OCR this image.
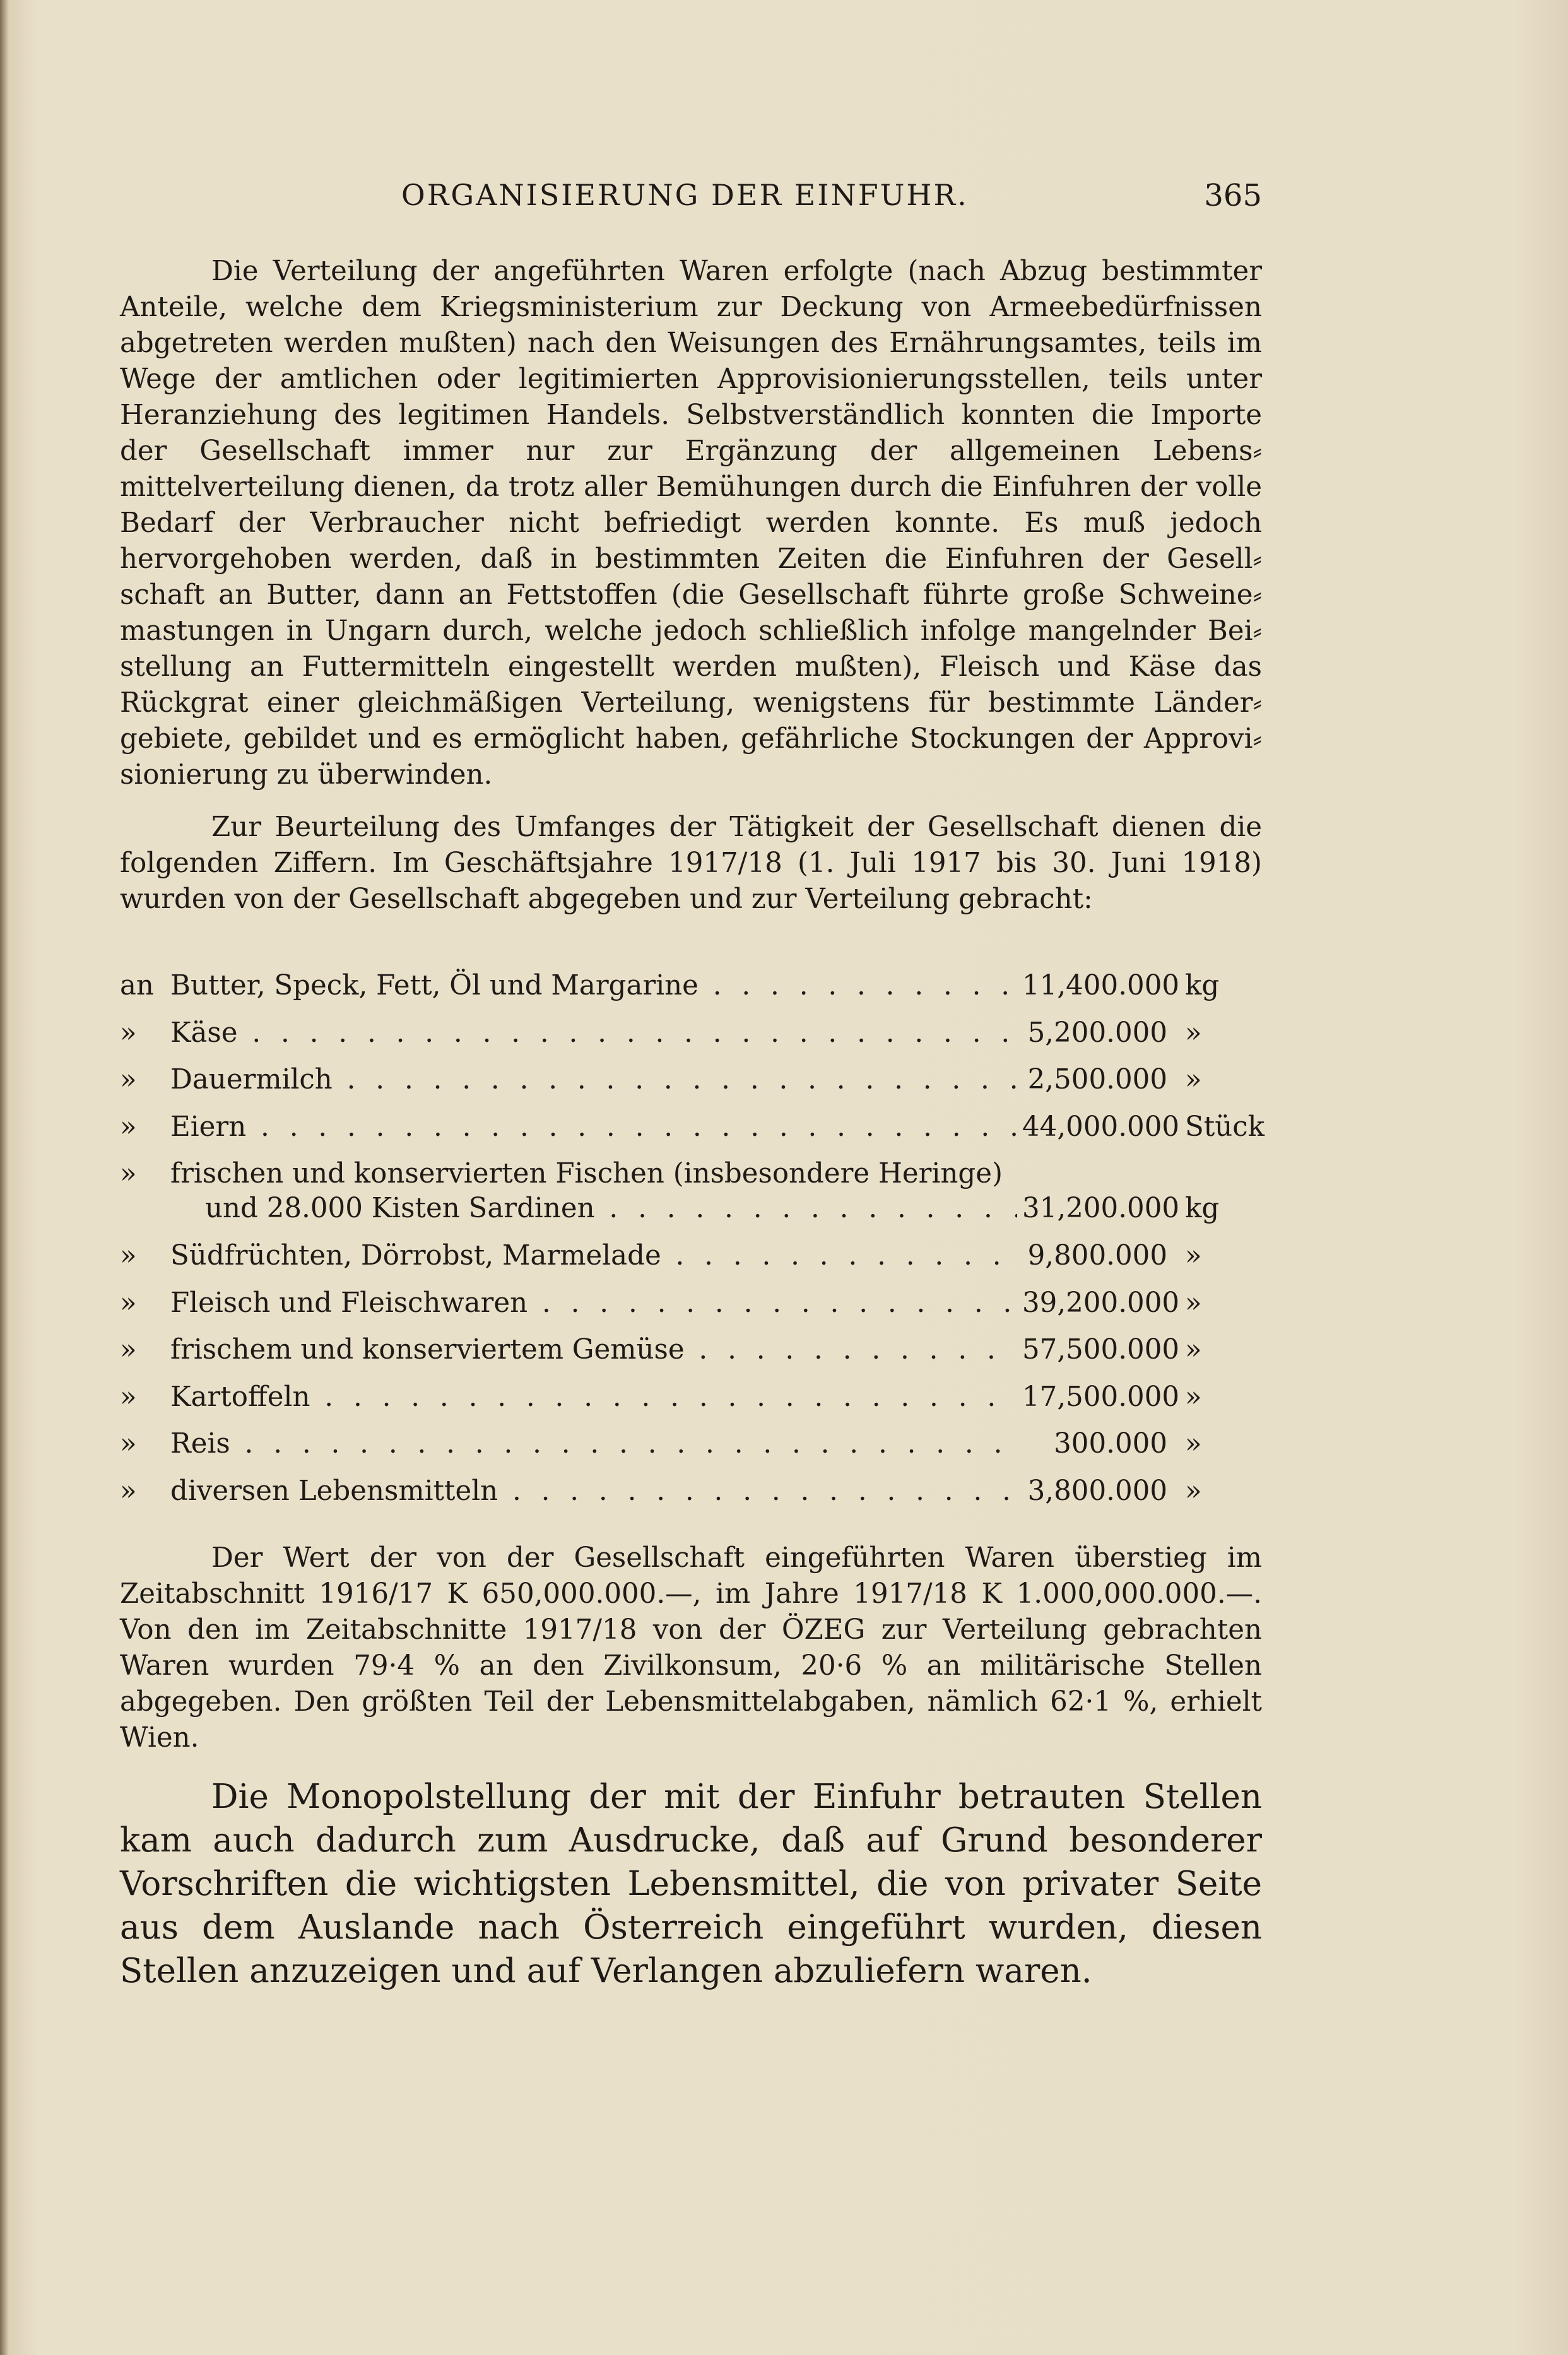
ORGANISIERUNG DER EINFUHR.	365

Die Verteilung der angeführten Waren erfolgte (nach Abzug bestimmter Anteile, welche dem Kriegsministerium zur Deckung von Armeebedürfnissen abgetreten werden mußten) nach den Weisungen des Ernährungsamtes, teils im Wege der amtlichen oder legitimierten Approvisionierungsstellen, teils unter Heranziehung des legitimen Handels. Selbstverständlich konnten die Importe der Gesellschaft immer nur zur Ergänzung der allgemeinen Lebens⸗mittelverteilung dienen, da trotz aller Bemühungen durch die Einfuhren der volle Bedarf der Verbraucher nicht befriedigt werden konnte. Es muß jedoch hervorgehoben werden, daß in bestimmten Zeiten die Einfuhren der Gesell⸗schaft an Butter, dann an Fettstoffen (die Gesellschaft führte große Schweine⸗mastungen in Ungarn durch, welche jedoch schließlich infolge mangelnder Bei⸗stellung an Futtermitteln eingestellt werden mußten), Fleisch und Käse das Rückgrat einer gleichmäßigen Verteilung, wenigstens für bestimmte Länder⸗gebiete, gebildet und es ermöglicht haben, gefährliche Stockungen der Approvi⸗sionierung zu überwinden.

Zur Beurteilung des Umfanges der Tätigkeit der Gesellschaft dienen die folgenden Ziffern. Im Geschäftsjahre 1917/18 (1. Juli 1917 bis 30. Juni 1918) wurden von der Gesellschaft abgegeben und zur Verteilung gebracht:

an Butter, Speck, Fett, Öl und Margarine . . .	11,400.000 kg
»	Käse . . .	5,200.000 »
»	Dauermilch . . .	2,500.000 »
»	Eiern . . .	44,000.000 Stück
»	frischen und konservierten Fischen (insbesondere Heringe)
und 28.000 Kisten Sardinen . . .	31,200.000 kg
»	Südfrüchten, Dörrobst, Marmelade . . .	9,800.000 »
»	Fleisch und Fleischwaren . . .	39,200.000 »
»	frischem und konserviertem Gemüse . . .	57,500.000 »
»	Kartoffeln . . .	17,500.000 »
»	Reis . . .	300.000 »
»	diversen Lebensmitteln . . .	3,800.000 »

Der Wert der von der Gesellschaft eingeführten Waren überstieg im Zeitabschnitt 1916/17 K 650,000.000.—, im Jahre 1917/18 K 1.000,000.000.—. Von den im Zeitabschnitte 1917/18 von der ÖZEG zur Verteilung gebrachten Waren wurden 79·4 % an den Zivilkonsum, 20·6 % an militärische Stellen abgegeben. Den größten Teil der Lebensmittelabgaben, nämlich 62·1 %, erhielt Wien.

Die Monopolstellung der mit der Einfuhr betrauten Stellen kam auch dadurch zum Ausdrucke, daß auf Grund besonderer Vorschriften die wichtigsten Lebensmittel, die von privater Seite aus dem Auslande nach Österreich eingeführt wurden, diesen Stellen anzuzeigen und auf Verlangen abzuliefern waren.
